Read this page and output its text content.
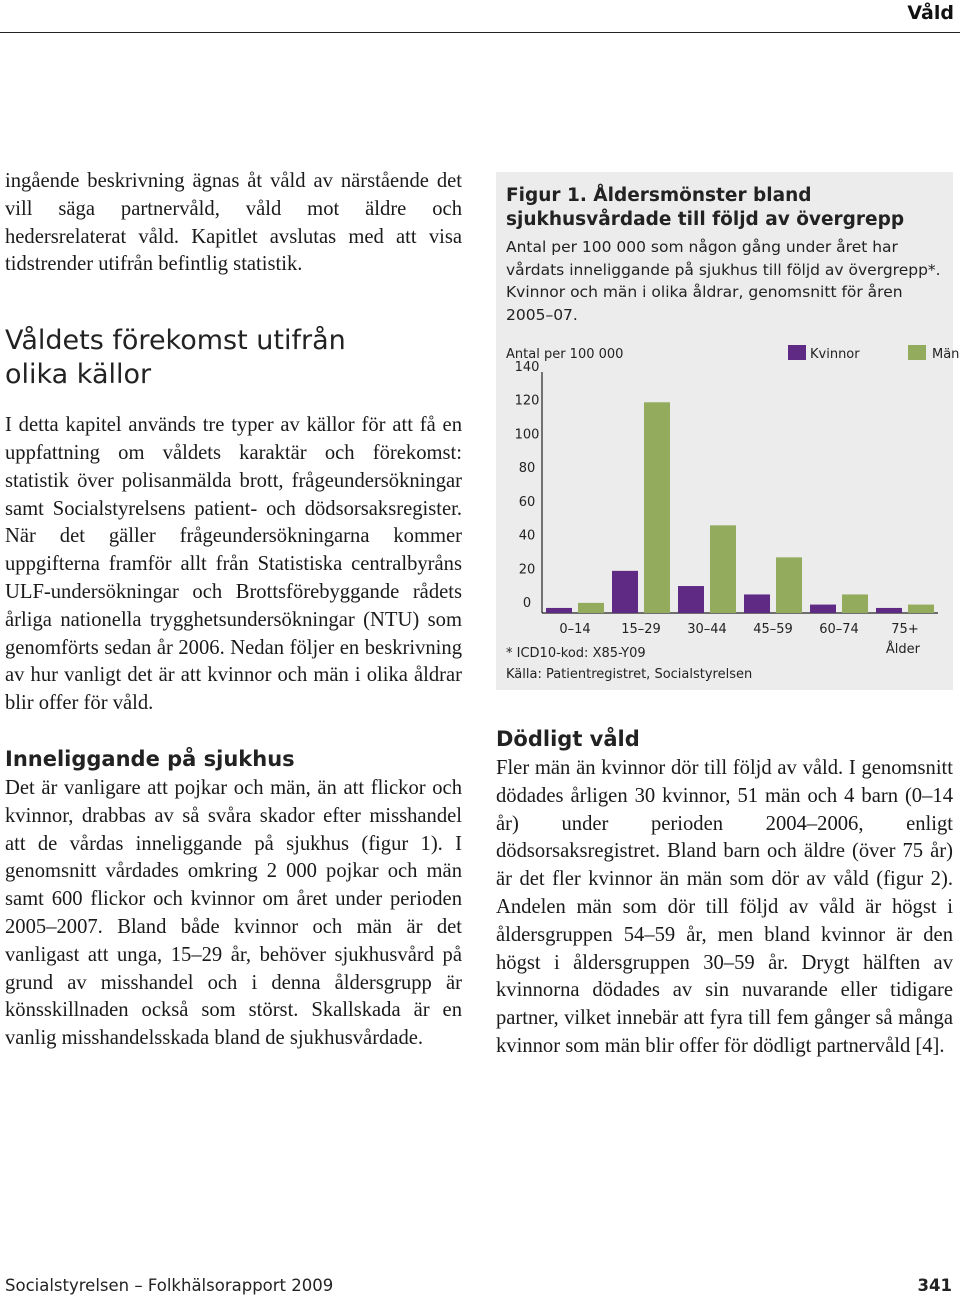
Våld

ingående beskrivning ägnas åt våld av närstående det vill säga partnervåld, våld mot äldre och hedersrelaterat våld. Kapitlet avslutas med att visa tidstrender utifrån befintlig statistik.

Våldets förekomst utifrån
olika källor

I detta kapitel används tre typer av källor för att få en uppfattning om våldets karaktär och förekomst: statistik över polisanmälda brott, frågeundersökningar samt Socialstyrelsens patient- och dödsorsaksregister. När det gäller frågeundersökningarna kommer uppgifterna framför allt från Statistiska centralbyråns ULF-undersökningar och Brottsförebyggande rådets årliga nationella trygghetsundersökningar (NTU) som genomförts sedan år 2006. Nedan följer en beskrivning av hur vanligt det är att kvinnor och män i olika åldrar blir offer för våld.

Inneliggande på sjukhus

Det är vanligare att pojkar och män, än att flickor och kvinnor, drabbas av så svåra skador efter misshandel att de vårdas inneliggande på sjukhus (figur 1). I genomsnitt vårdades omkring 2 000 pojkar och män samt 600 flickor och kvinnor om året under perioden 2005–2007. Bland både kvinnor och män är det vanligast att unga, 15–29 år, behöver sjukhusvård på grund av misshandel och i denna åldersgrupp är könsskillnaden också som störst. Skallskada är en vanlig misshandelsskada bland de sjukhusvårdade.

Figur 1. Åldersmönster bland sjukhusvårdade till följd av övergrepp
Antal per 100 000 som någon gång under året har vårdats inneliggande på sjukhus till följd av övergrepp*. Kvinnor och män i olika åldrar, genomsnitt för åren 2005–07.
Antal per 100 000
0
20
40
60
80
100
120
140
Kvinnor	Män
0–14 15–29 30–44 45–59 60–74 75+
Ålder
* ICD10-kod: X85-Y09
Källa: Patientregistret, Socialstyrelsen
Dödligt våld

Fler män än kvinnor dör till följd av våld. I genomsnitt dödades årligen 30 kvinnor, 51 män och 4 barn (0–14 år) under perioden 2004–2006, enligt dödsorsaksregistret. Bland barn och äldre (över 75 år) är det fler kvinnor än män som dör av våld (figur 2). Andelen män som dör till följd av våld är högst i åldersgruppen 54–59 år, men bland kvinnor är den högst i åldersgruppen 30–59 år. Drygt hälften av kvinnorna dödades av sin nuvarande eller tidigare partner, vilket innebär att fyra till fem gånger så många kvinnor som män blir offer för dödligt partnervåld [4].

Socialstyrelsen – Folkhälsorapport 2009	341
